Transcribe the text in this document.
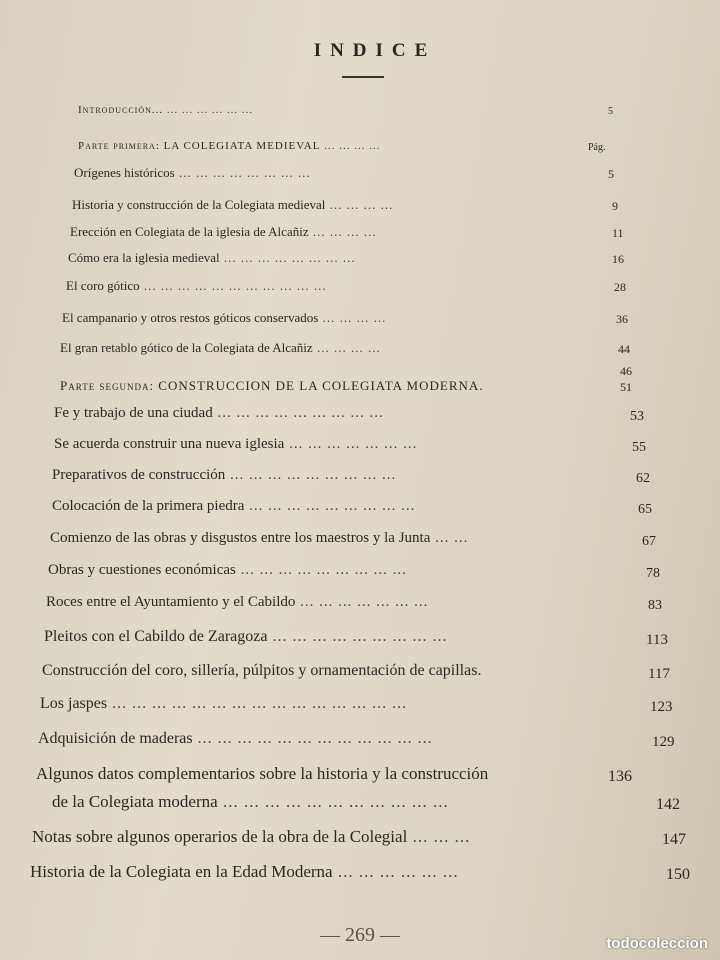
INDICE
Pág.
Introducción... ... ... ... ... ... ...	5
Parte primera: LA COLEGIATA MEDIEVAL ... ... ... ...
Orígenes históricos ... ... ... ... ... ... ... ...	5
Historia y construcción de la Colegiata medieval ... ... ... ...	9
Erección en Colegiata de la iglesia de Alcañiz ... ... ... ...	11
Cómo era la iglesia medieval ... ... ... ... ... ... ... ...	16
El coro gótico ... ... ... ... ... ... ... ... ... ... ...	28
El campanario y otros restos góticos conservados ... ... ... ...	36
El gran retablo gótico de la Colegiata de Alcañiz ... ... ... ...	44
46
Parte segunda: CONSTRUCCION DE LA COLEGIATA MODERNA.	51
Fe y trabajo de una ciudad ... ... ... ... ... ... ... ... ...	53
Se acuerda construir una nueva iglesia ... ... ... ... ... ... ...	55
Preparativos de construcción ... ... ... ... ... ... ... ... ...	62
Colocación de la primera piedra ... ... ... ... ... ... ... ... ...	65
Comienzo de las obras y disgustos entre los maestros y la Junta ... ...	67
Obras y cuestiones económicas ... ... ... ... ... ... ... ... ...	78
Roces entre el Ayuntamiento y el Cabildo ... ... ... ... ... ... ...	83
Pleitos con el Cabildo de Zaragoza ... ... ... ... ... ... ... ... ...	113
Construcción del coro, sillería, púlpitos y ornamentación de capillas.	117
Los jaspes ... ... ... ... ... ... ... ... ... ... ... ... ... ... ...	123
Adquisición de maderas ... ... ... ... ... ... ... ... ... ... ... ...	129
Algunos datos complementarios sobre la historia y la construcción	136
de la Colegiata moderna ... ... ... ... ... ... ... ... ... ... ...	142
Notas sobre algunos operarios de la obra de la Colegial ... ... ...	147
Historia de la Colegiata en la Edad Moderna ... ... ... ... ... ...	150
— 269 —	todocoleccion
